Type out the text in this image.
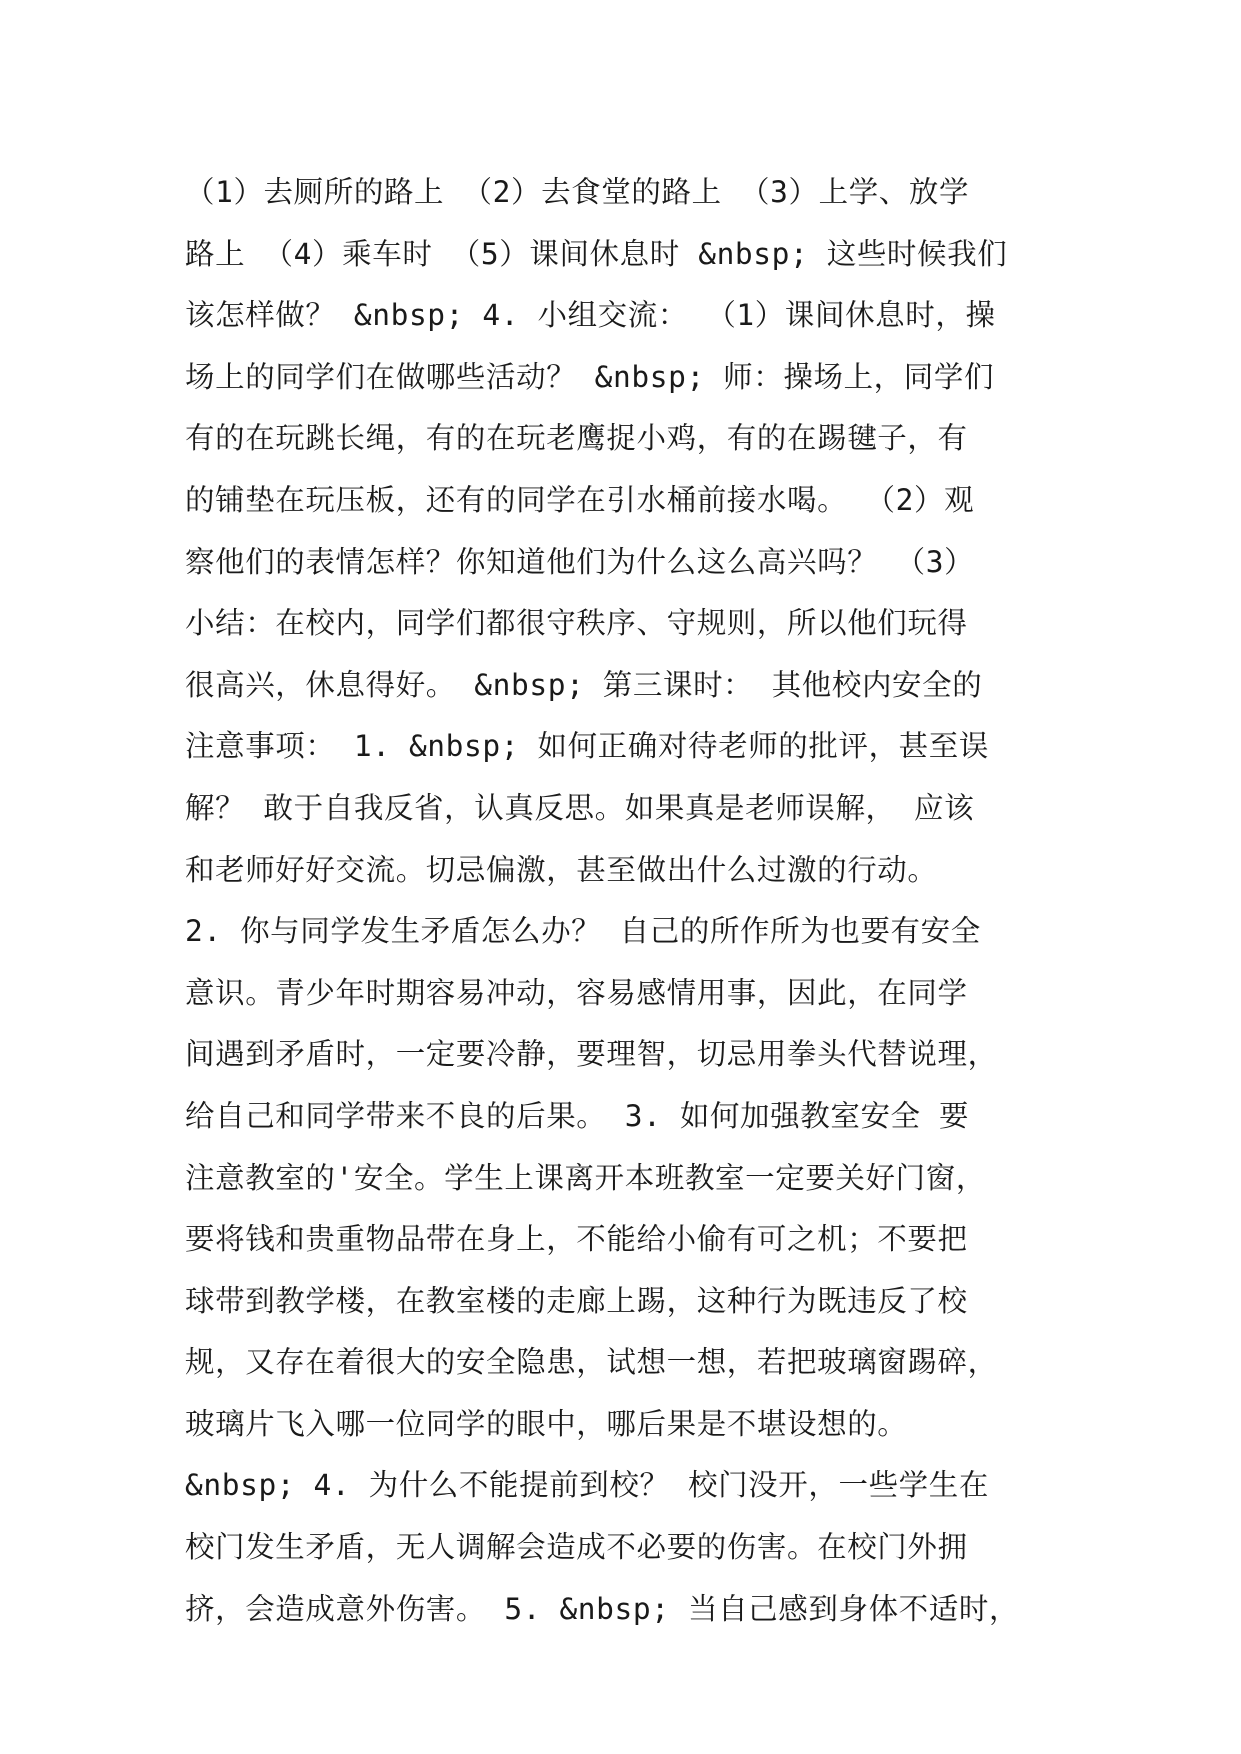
（1）去厕所的路上 （2）去食堂的路上 （3）上学、放学
路上 （4）乘车时 （5）课间休息时 &nbsp; 这些时候我们
该怎样做？ &nbsp; 4. 小组交流： （1）课间休息时，操
场上的同学们在做哪些活动？ &nbsp; 师：操场上，同学们
有的在玩跳长绳，有的在玩老鹰捉小鸡，有的在踢毽子，有
的铺垫在玩压板，还有的同学在引水桶前接水喝。 （2）观
察他们的表情怎样？你知道他们为什么这么高兴吗？ （3）
小结：在校内，同学们都很守秩序、守规则，所以他们玩得
很高兴，休息得好。 &nbsp; 第三课时： 其他校内安全的
注意事项： 1. &nbsp; 如何正确对待老师的批评，甚至误
解？ 敢于自我反省，认真反思。如果真是老师误解， 应该
和老师好好交流。切忌偏激，甚至做出什么过激的行动。
2. 你与同学发生矛盾怎么办？ 自己的所作所为也要有安全
意识。青少年时期容易冲动，容易感情用事，因此，在同学
间遇到矛盾时，一定要冷静，要理智，切忌用拳头代替说理，
给自己和同学带来不良的后果。 3. 如何加强教室安全 要
注意教室的'安全。学生上课离开本班教室一定要关好门窗，
要将钱和贵重物品带在身上，不能给小偷有可之机；不要把
球带到教学楼，在教室楼的走廊上踢，这种行为既违反了校
规，又存在着很大的安全隐患，试想一想，若把玻璃窗踢碎，
玻璃片飞入哪一位同学的眼中，哪后果是不堪设想的。
&nbsp; 4. 为什么不能提前到校？ 校门没开，一些学生在
校门发生矛盾，无人调解会造成不必要的伤害。在校门外拥
挤，会造成意外伤害。 5. &nbsp; 当自己感到身体不适时，
